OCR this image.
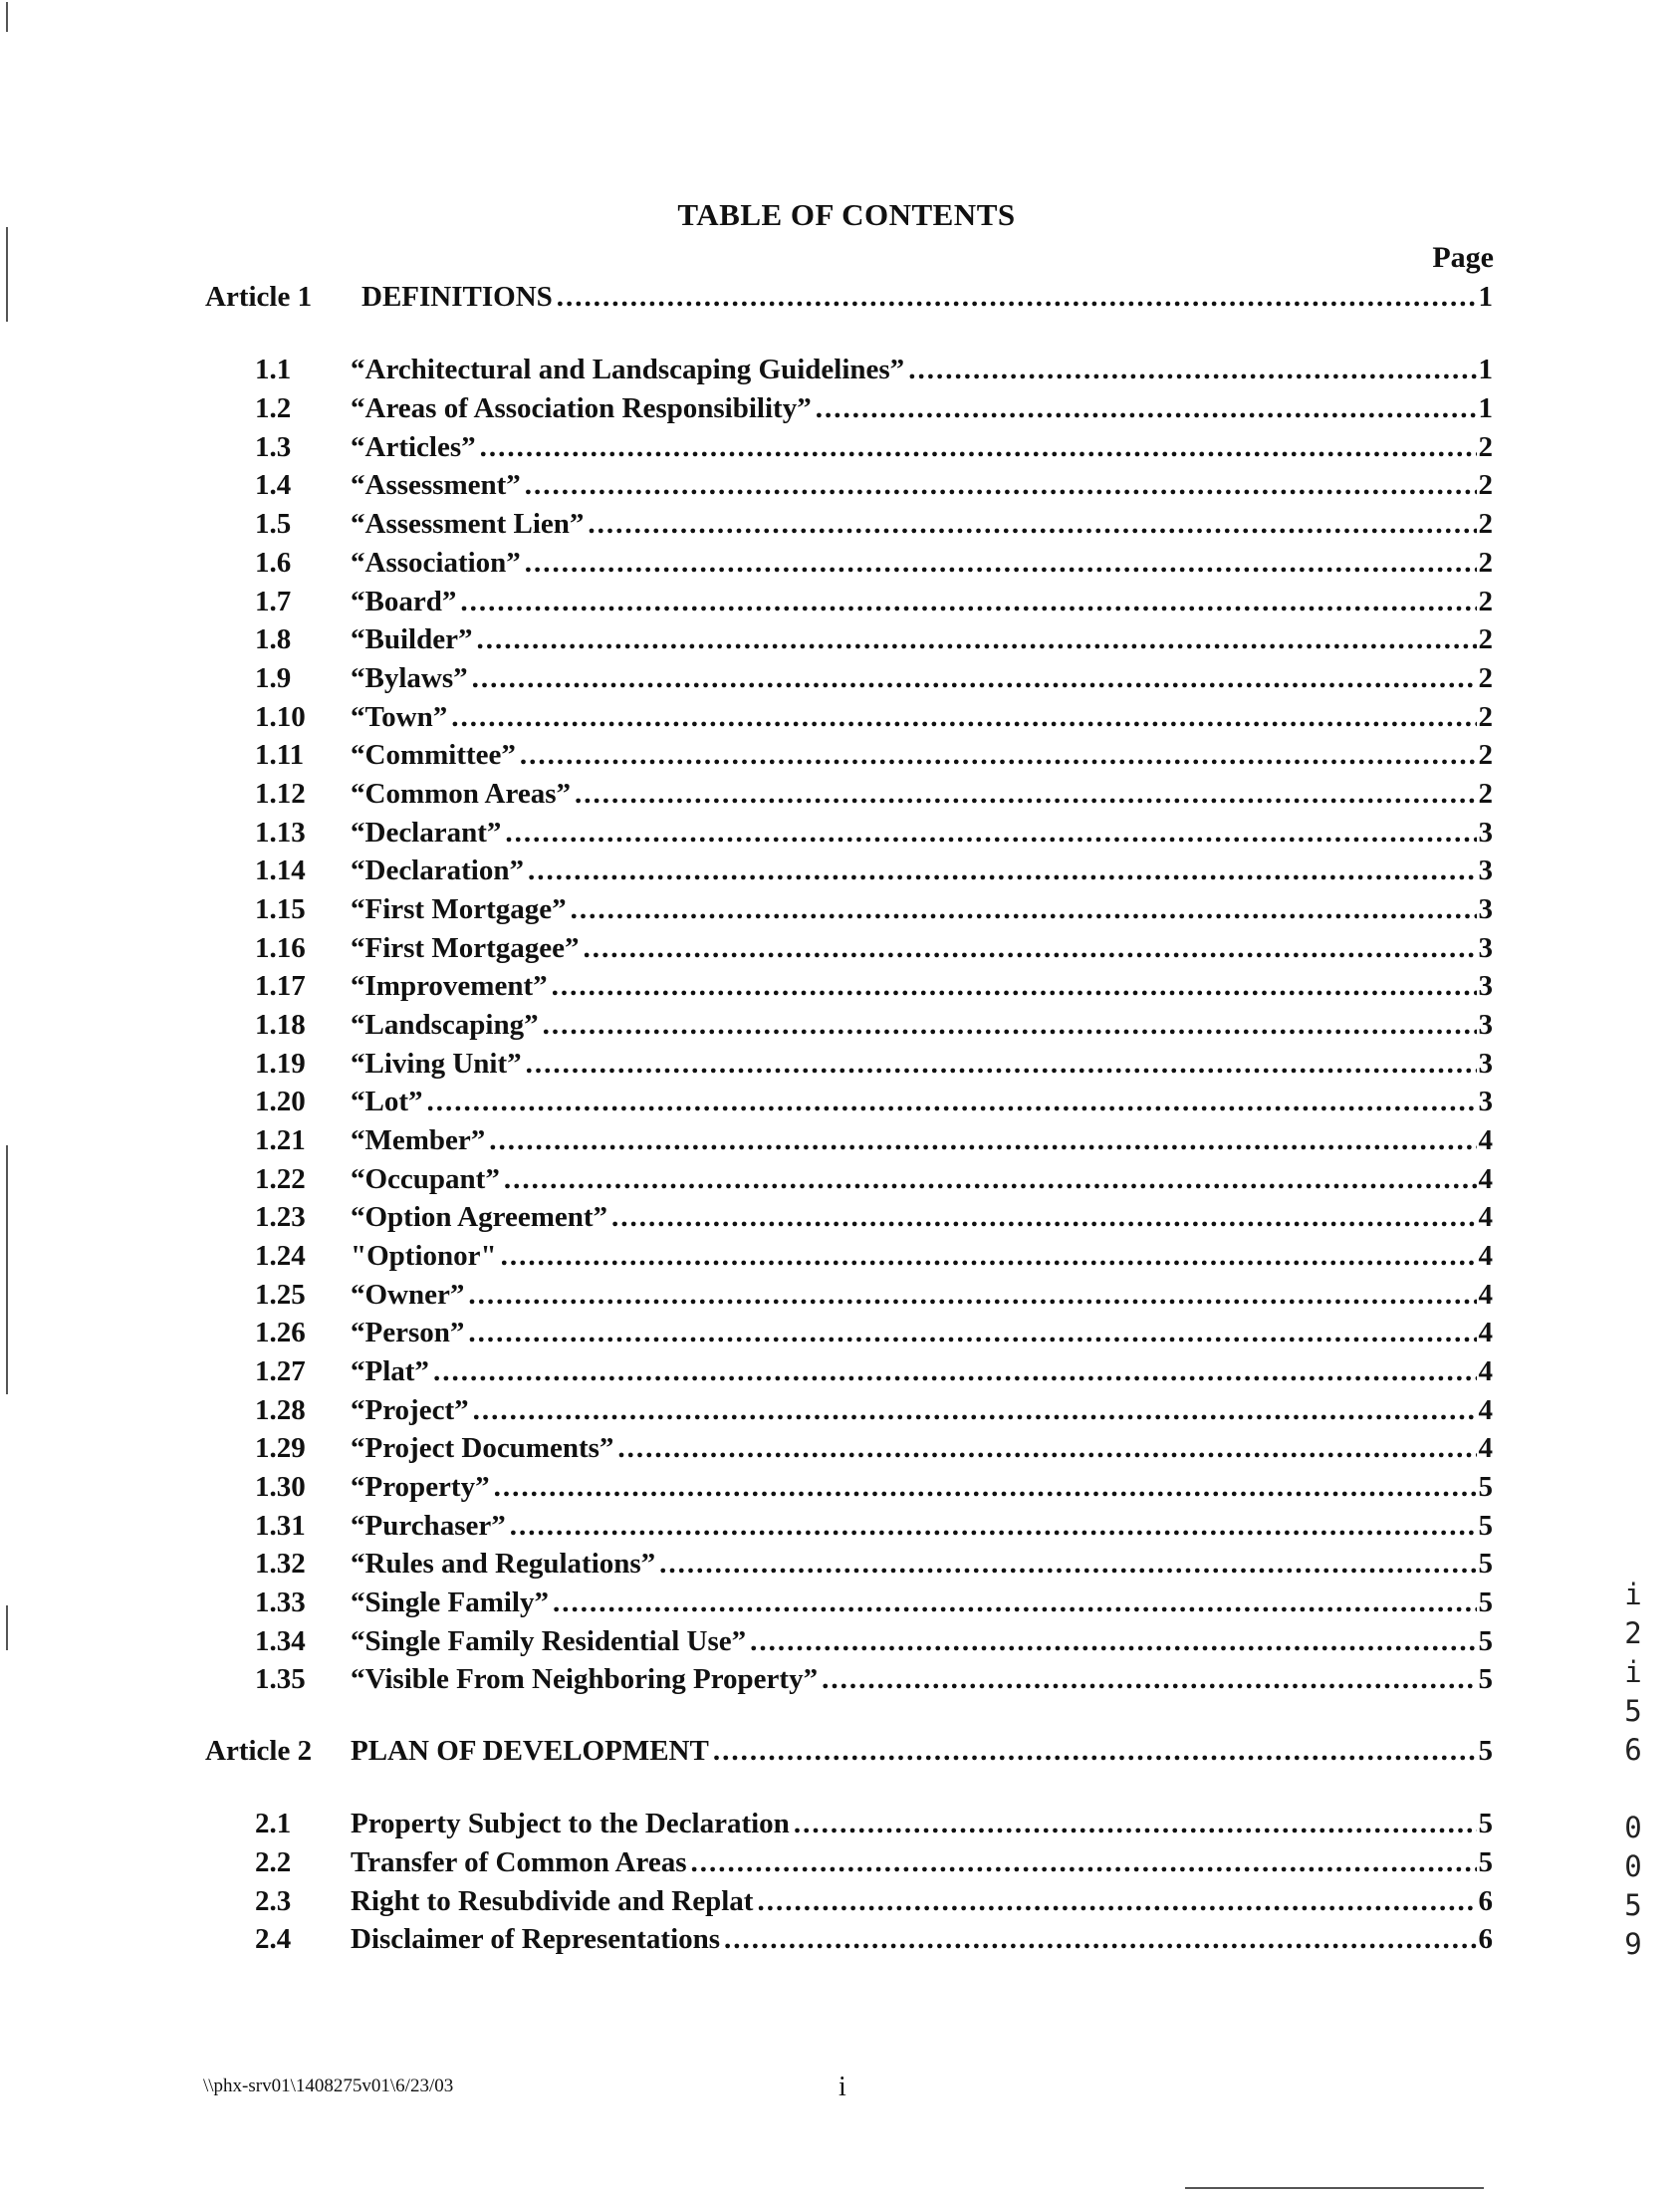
TABLE OF CONTENTS
Page
Article 1	DEFINITIONS .....	1
1.1	“Architectural and Landscaping Guidelines” .....	1
1.2	“Areas of Association Responsibility” .....	1
1.3	“Articles” .....	2
1.4	“Assessment” .....	2
1.5	“Assessment Lien” .....	2
1.6	“Association” .....	2
1.7	“Board” .....	2
1.8	“Builder” .....	2
1.9	“Bylaws” .....	2
1.10	“Town” .....	2
1.11	“Committee” .....	2
1.12	“Common Areas” .....	2
1.13	“Declarant” .....	3
1.14	“Declaration” .....	3
1.15	“First Mortgage” .....	3
1.16	“First Mortgagee” .....	3
1.17	“Improvement” .....	3
1.18	“Landscaping” .....	3
1.19	“Living Unit” .....	3
1.20	“Lot” .....	3
1.21	“Member” .....	4
1.22	“Occupant” .....	4
1.23	“Option Agreement” .....	4
1.24	"Optionor" .....	4
1.25	“Owner” .....	4
1.26	“Person” .....	4
1.27	“Plat” .....	4
1.28	“Project” .....	4
1.29	“Project Documents” .....	4
1.30	“Property” .....	5
1.31	“Purchaser” .....	5
1.32	“Rules and Regulations” .....	5
1.33	“Single Family” .....	5
1.34	“Single Family Residential Use” .....	5
1.35	“Visible From Neighboring Property” .....	5
Article 2	PLAN OF DEVELOPMENT .....	5
2.1	Property Subject to the Declaration .....	5
2.2	Transfer of Common Areas .....	5
2.3	Right to Resubdivide and Replat .....	6
2.4	Disclaimer of Representations .....	6
\\phx-srv01\1408275v01\6/23/03	i
i
2
i
5
6

0
0
5
9
